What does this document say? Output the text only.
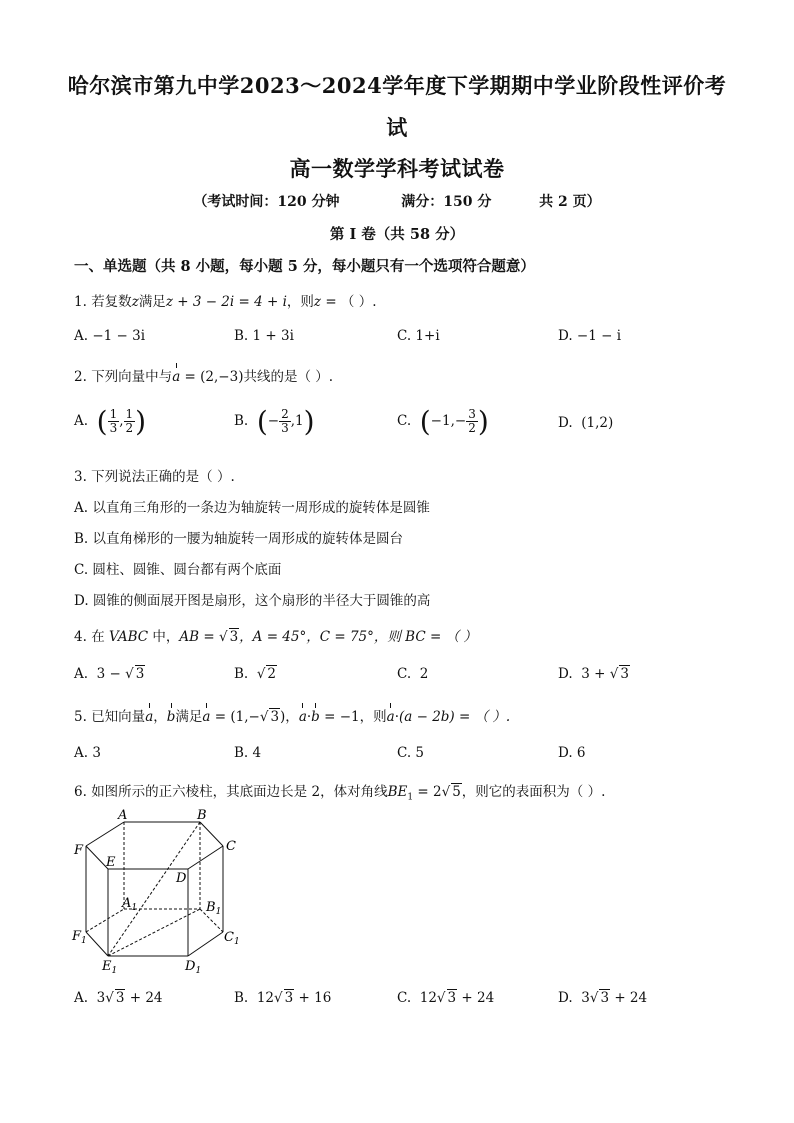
哈尔滨市第九中学2023～2024学年度下学期期中学业阶段性评价考
试
高一数学学科考试试卷
（考试时间：120 分钟	满分：150 分	共 2 页）
第 I 卷（共 58 分）
一、单选题（共 8 小题，每小题 5 分，每小题只有一个选项符合题意）
1. 若复数z满足z + 3 − 2i = 4 + i，则z = （ ）.
A. −1 − 3i	B. 1 + 3i	C. 1+i	D. −1 − i
2. 下列向量中与a = (2,−3)共线的是（ ）.
A. ( $\frac{1}{3}$ , $\frac{1}{2}$ )	B. (− $\frac{2}{3} ,1$)	C. ($-1,- \frac{3}{2}$ )	D. (1,2)
3. 下列说法正确的是（ ）.
A. 以直角三角形的一条边为轴旋转一周形成的旋转体是圆锥
B. 以直角梯形的一腰为轴旋转一周形成的旋转体是圆台
C. 圆柱、圆锥、圆台都有两个底面
D. 圆锥的侧面展开图是扇形，这个扇形的半径大于圆锥的高
4. 在 VABC 中，AB = √ 3，A = 45°，C = 75°，则 BC = （ ）
A. 3 − √ 3	B. √ 2	C. 2	D. 3 + √ 3
5. 已知向量a，b满足a = (1,−√ 3)，a·b = −1，则a·(a − 2b) = （ ）.
A. 3	B. 4	C. 5	D. 6
6. 如图所示的正六棱柱，其底面边长是 2，体对角线$BE_1 = 2√$ 5，则它的表面积为（ ）.
A	B
C
D
E
F
$A_1$	$B_1$
$C_1$
$D_1$
$E_1$
$F_1$
A. 3√ 3 + 24	B. 12√ 3 + 16	C. 12√ 3 + 24	D. 3√ 3 + 24
